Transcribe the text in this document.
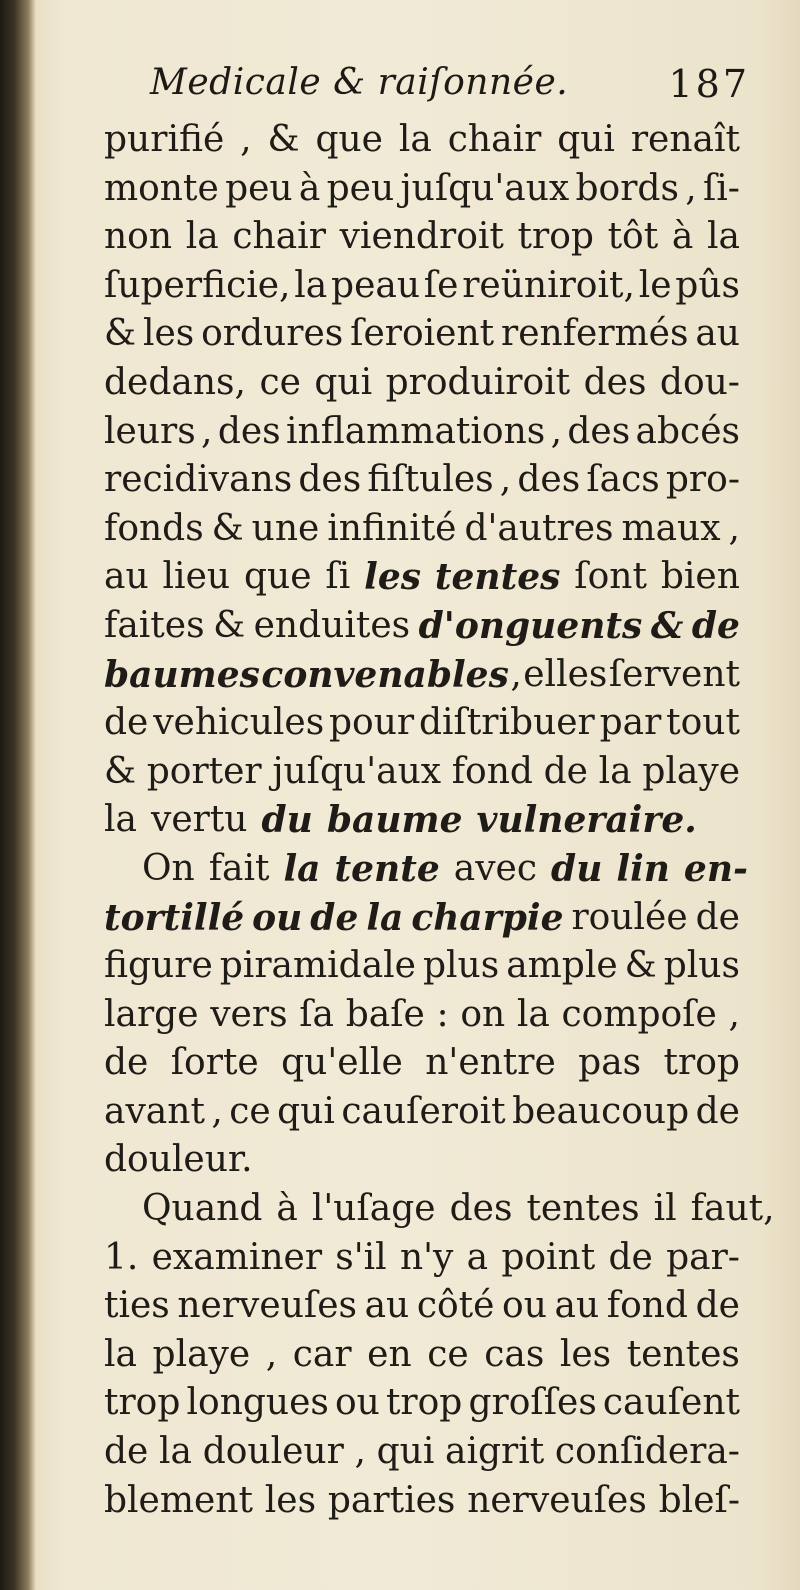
Medicale & raiſonnée.	187
purifié , & que la chair qui renaît
monte peu à peu juſqu'aux bords , ſi-
non la chair viendroit trop tôt à la
ſuperficie, la peau ſe reüniroit, le pûs
& les ordures ſeroient renfermés au
dedans, ce qui produiroit des dou-
leurs , des inflammations , des abcés
recidivans des fiſtules , des ſacs pro-
fonds & une infinité d'autres maux ,
au lieu que ſi les tentes ſont bien
faites & enduites d'onguents & de
baumes convenables , elles ſervent
de vehicules pour diſtribuer par tout
& porter juſqu'aux fond de la playe
la vertu du baume vulneraire.
On fait la tente avec du lin en-
tortillé ou de la charpie roulée de
figure piramidale plus ample & plus
large vers ſa baſe : on la compoſe ,
de ſorte qu'elle n'entre pas trop
avant , ce qui cauſeroit beaucoup de
douleur.
Quand à l'uſage des tentes il faut,
1. examiner s'il n'y a point de par-
ties nerveuſes au côté ou au fond de
la playe , car en ce cas les tentes
trop longues ou trop groſſes cauſent
de la douleur , qui aigrit conſidera-
blement les parties nerveuſes bleſ-
